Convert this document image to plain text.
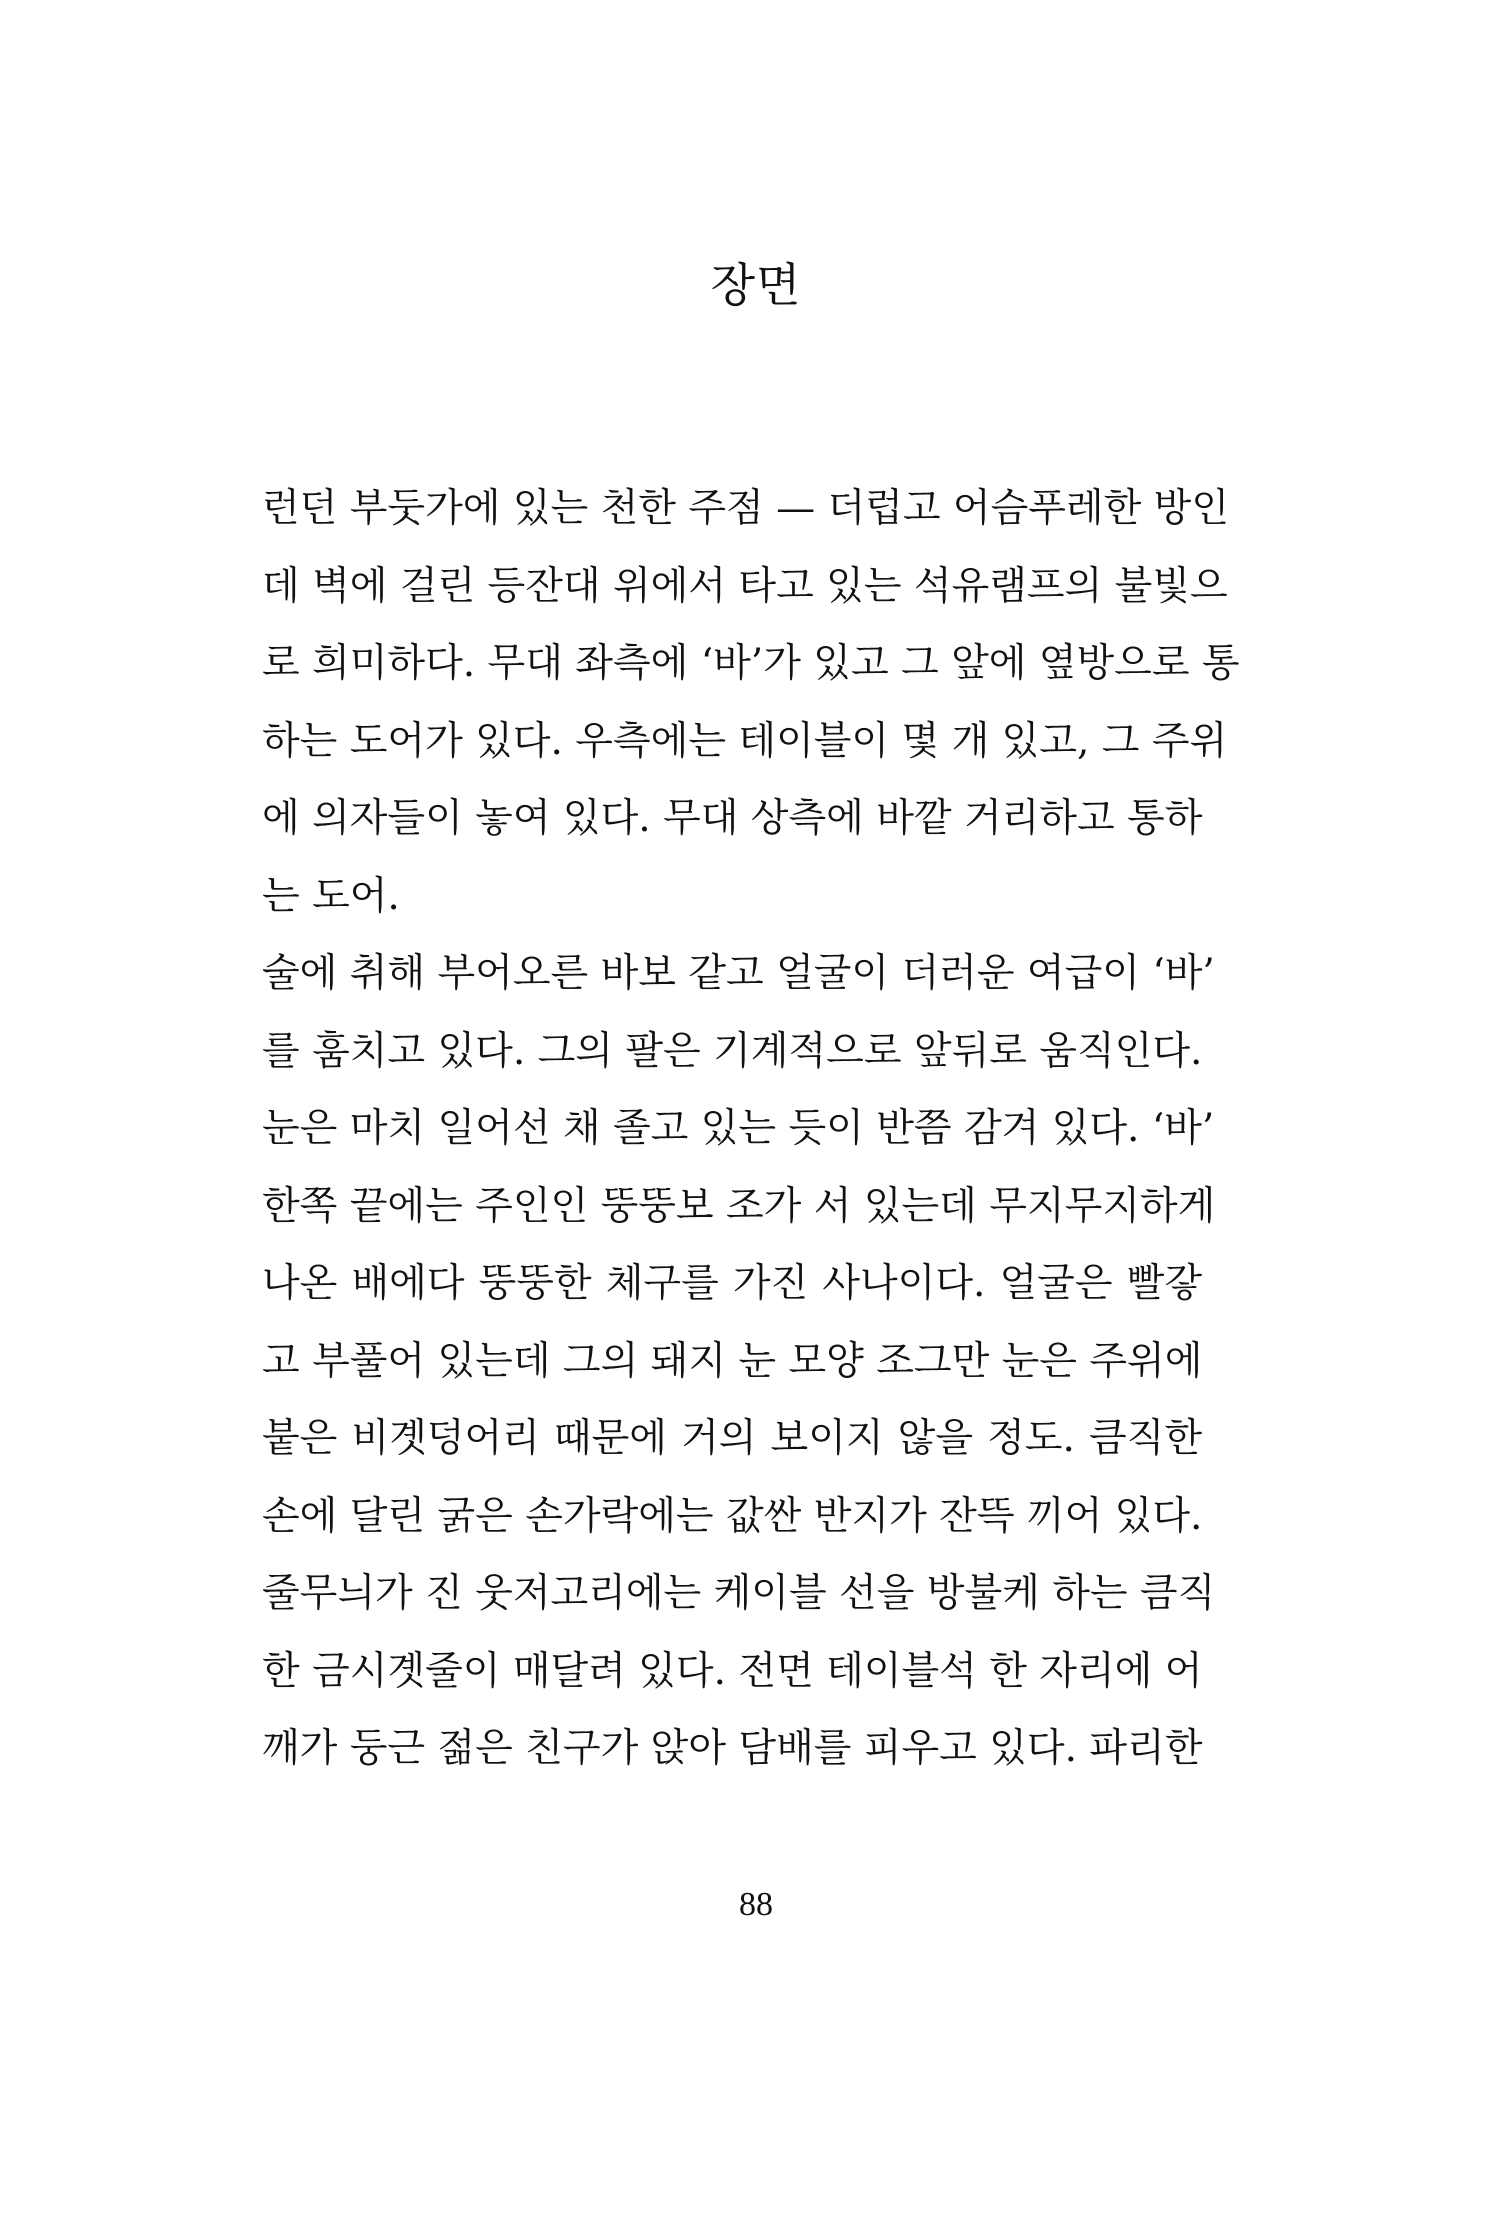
장면
런던 부둣가에 있는 천한 주점 — 더럽고 어슴푸레한 방인
데 벽에 걸린 등잔대 위에서 타고 있는 석유램프의 불빛으
로 희미하다. 무대 좌측에 ‘바’가 있고 그 앞에 옆방으로 통
하는 도어가 있다. 우측에는 테이블이 몇 개 있고, 그 주위
에 의자들이 놓여 있다. 무대 상측에 바깥 거리하고 통하
는 도어.
술에 취해 부어오른 바보 같고 얼굴이 더러운 여급이 ‘바’
를 훔치고 있다. 그의 팔은 기계적으로 앞뒤로 움직인다.
눈은 마치 일어선 채 졸고 있는 듯이 반쯤 감겨 있다. ‘바’
한쪽 끝에는 주인인 뚱뚱보 조가 서 있는데 무지무지하게
나온 배에다 뚱뚱한 체구를 가진 사나이다. 얼굴은 빨갛
고 부풀어 있는데 그의 돼지 눈 모양 조그만 눈은 주위에
붙은 비곗덩어리 때문에 거의 보이지 않을 정도. 큼직한
손에 달린 굵은 손가락에는 값싼 반지가 잔뜩 끼어 있다.
줄무늬가 진 웃저고리에는 케이블 선을 방불케 하는 큼직
한 금시곗줄이 매달려 있다. 전면 테이블석 한 자리에 어
깨가 둥근 젊은 친구가 앉아 담배를 피우고 있다. 파리한
88
